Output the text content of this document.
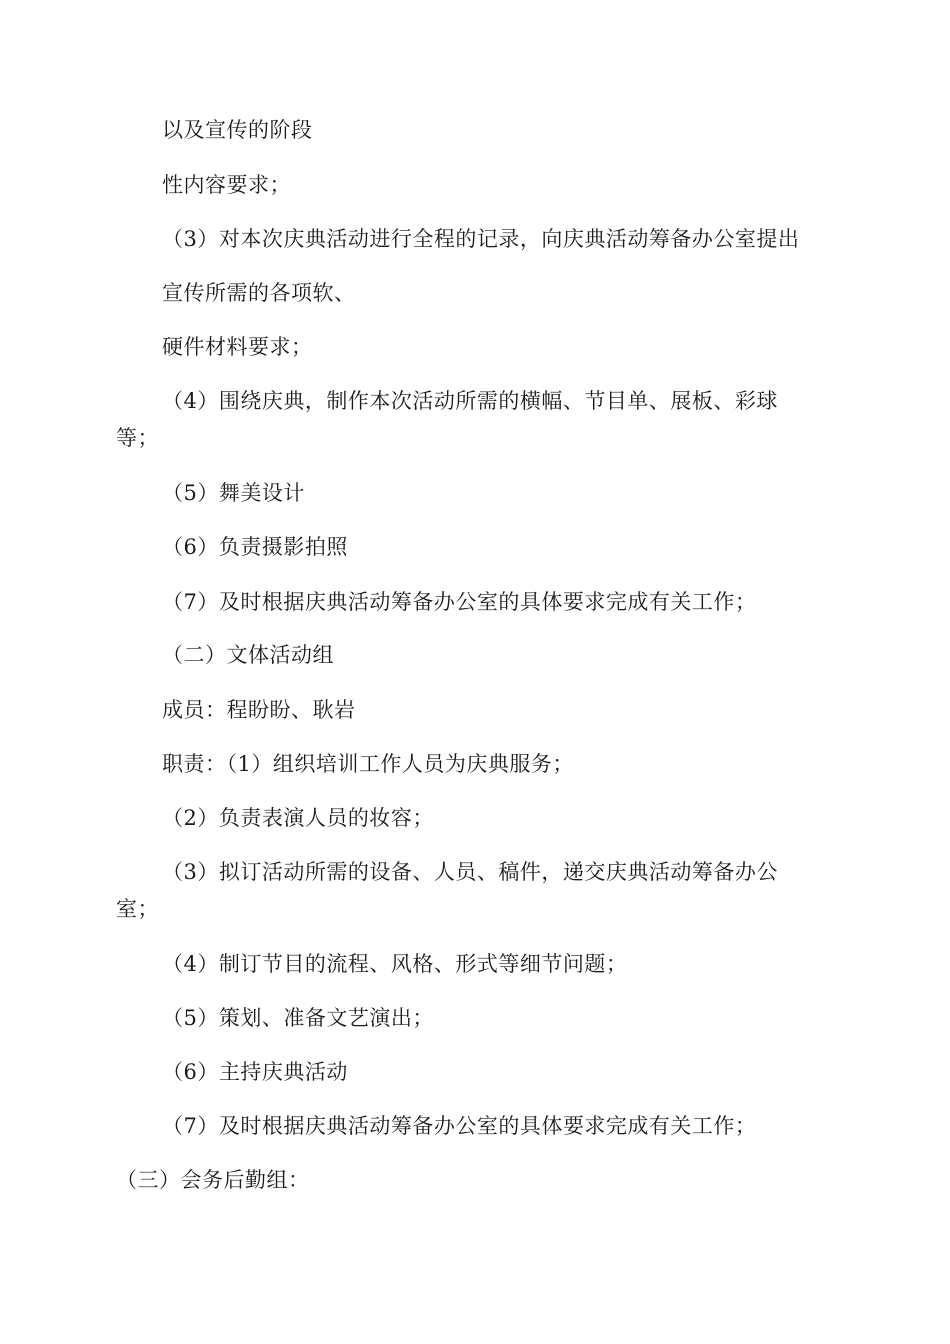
以及宣传的阶段
性内容要求；
（3）对本次庆典活动进行全程的记录，向庆典活动筹备办公室提出
宣传所需的各项软、
硬件材料要求；
（4）围绕庆典，制作本次活动所需的横幅、节目单、展板、彩球
等；
（5）舞美设计
（6）负责摄影拍照
（7）及时根据庆典活动筹备办公室的具体要求完成有关工作；
（二）文体活动组
成员：程盼盼、耿岩
职责：（1）组织培训工作人员为庆典服务；
（2）负责表演人员的妆容；
（3）拟订活动所需的设备、人员、稿件，递交庆典活动筹备办公
室；
（4）制订节目的流程、风格、形式等细节问题；
（5）策划、准备文艺演出；
（6）主持庆典活动
（7）及时根据庆典活动筹备办公室的具体要求完成有关工作；
（三）会务后勤组：
